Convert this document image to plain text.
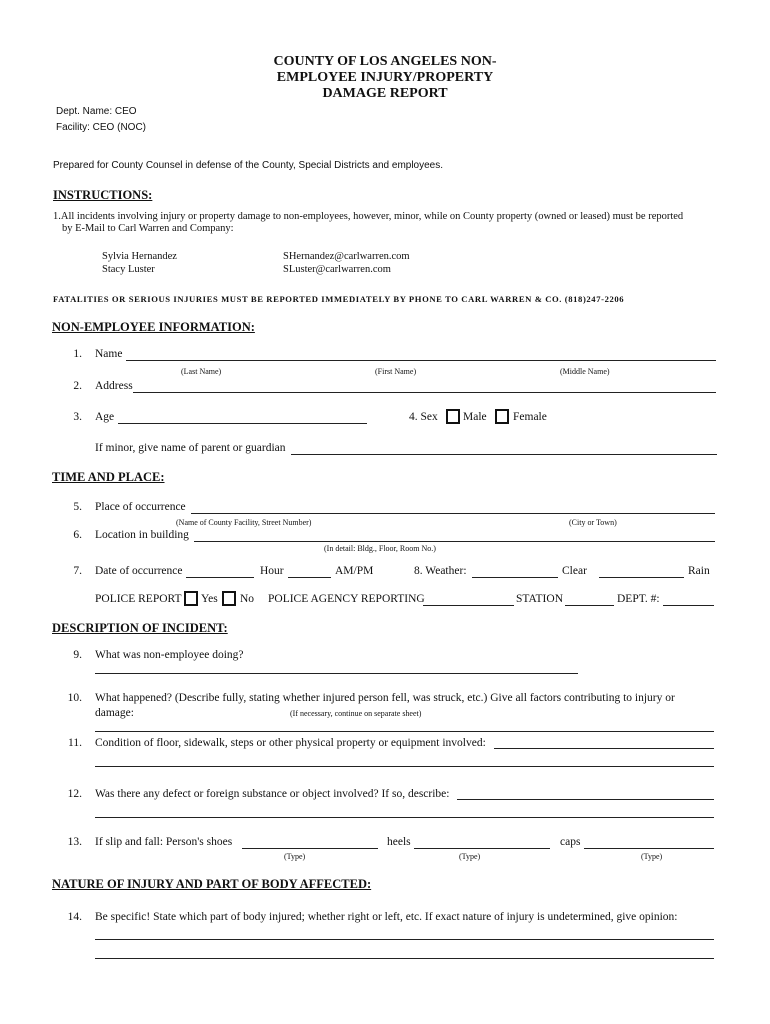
COUNTY OF LOS ANGELES NON-
EMPLOYEE INJURY/PROPERTY
DAMAGE REPORT
Dept. Name: CEO
Facility: CEO (NOC)
Prepared for County Counsel in defense of the County, Special Districts and employees.
INSTRUCTIONS:
1.All incidents involving injury or property damage to non-employees, however, minor, while on County property (owned or leased) must be reported
by E-Mail to Carl Warren and Company:
Sylvia Hernandez	SHernandez@carlwarren.com
Stacy Luster	SLuster@carlwarren.com
FATALITIES OR SERIOUS INJURIES MUST BE REPORTED IMMEDIATELY BY PHONE TO CARL WARREN & CO. (818)247-2206
NON-EMPLOYEE INFORMATION:
1. Name
(Last Name)	(First Name)	(Middle Name)
2. Address
3. Age	4. Sex Male Female
If minor, give name of parent or guardian
TIME AND PLACE:
5. Place of occurrence
(Name of County Facility, Street Number)	(City or Town)
6. Location in building
(In detail: Bldg., Floor, Room No.)
7. Date of occurrence	Hour	AM/PM	8. Weather:	Clear	Rain
POLICE REPORT Yes No POLICE AGENCY REPORTING	STATION	DEPT. #:
DESCRIPTION OF INCIDENT:
9. What was non-employee doing?
10. What happened? (Describe fully, stating whether injured person fell, was struck, etc.) Give all factors contributing to injury or
damage:	(If necessary, continue on separate sheet)
11. Condition of floor, sidewalk, steps or other physical property or equipment involved:
12. Was there any defect or foreign substance or object involved? If so, describe:
13. If slip and fall: Person's shoes	heels	caps
(Type)	(Type)	(Type)
NATURE OF INJURY AND PART OF BODY AFFECTED:
14. Be specific! State which part of body injured; whether right or left, etc. If exact nature of injury is undetermined, give opinion:
